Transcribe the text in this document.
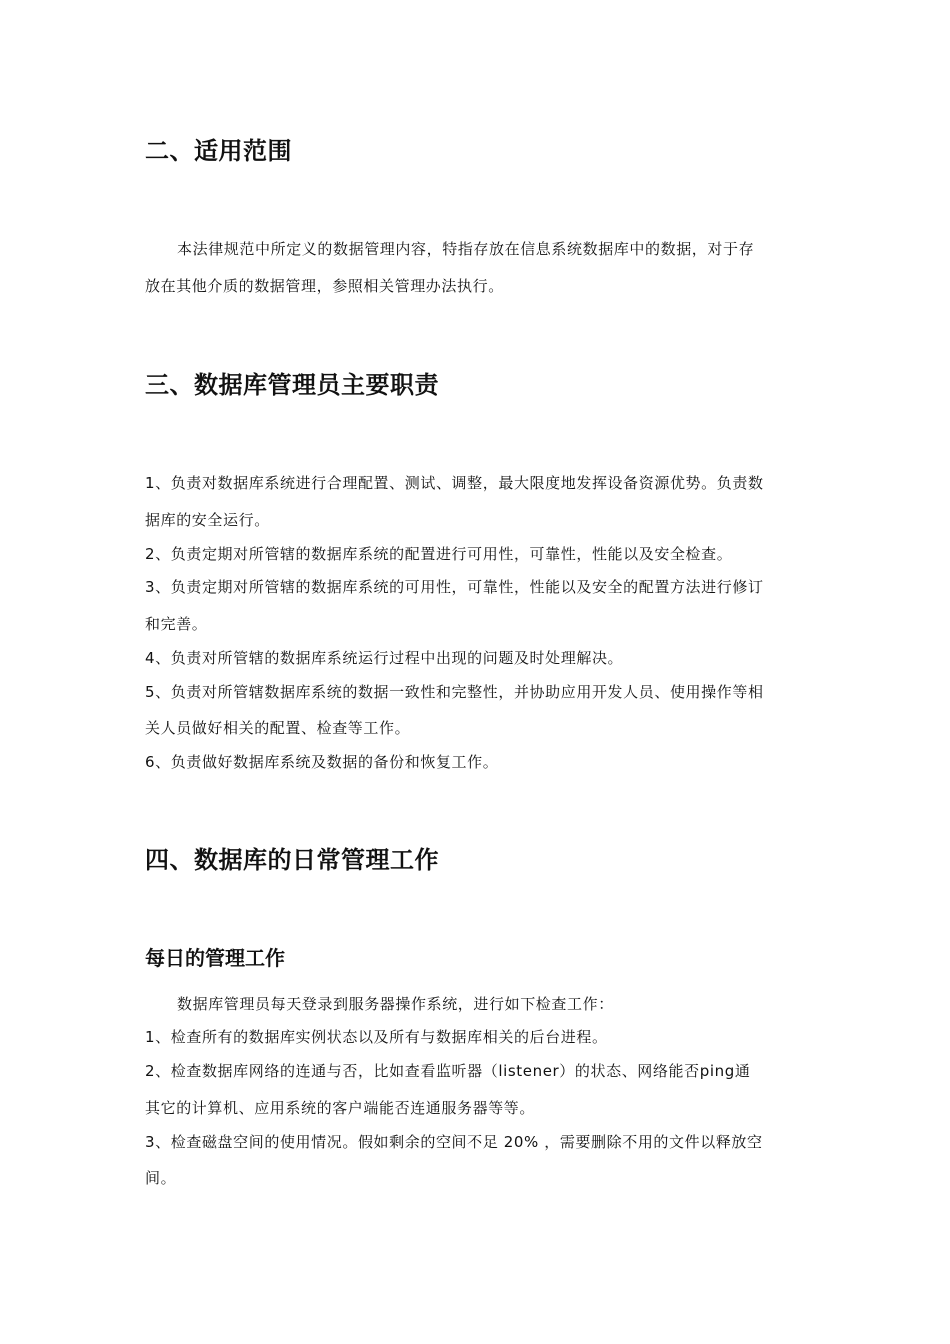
二、适用范围
本法律规范中所定义的数据管理内容，特指存放在信息系统数据库中的数据，对于存
放在其他介质的数据管理，参照相关管理办法执行。
三、数据库管理员主要职责
1、负责对数据库系统进行合理配置、测试、调整，最大限度地发挥设备资源优势。负责数
据库的安全运行。
2、负责定期对所管辖的数据库系统的配置进行可用性，可靠性，性能以及安全检查。
3、负责定期对所管辖的数据库系统的可用性，可靠性，性能以及安全的配置方法进行修订
和完善。
4、负责对所管辖的数据库系统运行过程中出现的问题及时处理解决。
5、负责对所管辖数据库系统的数据一致性和完整性，并协助应用开发人员、使用操作等相
关人员做好相关的配置、检查等工作。
6、负责做好数据库系统及数据的备份和恢复工作。
四、数据库的日常管理工作
每日的管理工作
数据库管理员每天登录到服务器操作系统，进行如下检查工作：
1、检查所有的数据库实例状态以及所有与数据库相关的后台进程。
2、检查数据库网络的连通与否，比如查看监听器（listener）的状态、网络能否ping通
其它的计算机、应用系统的客户端能否连通服务器等等。
3、检查磁盘空间的使用情况。假如剩余的空间不足 20% ，需要删除不用的文件以释放空
间。
